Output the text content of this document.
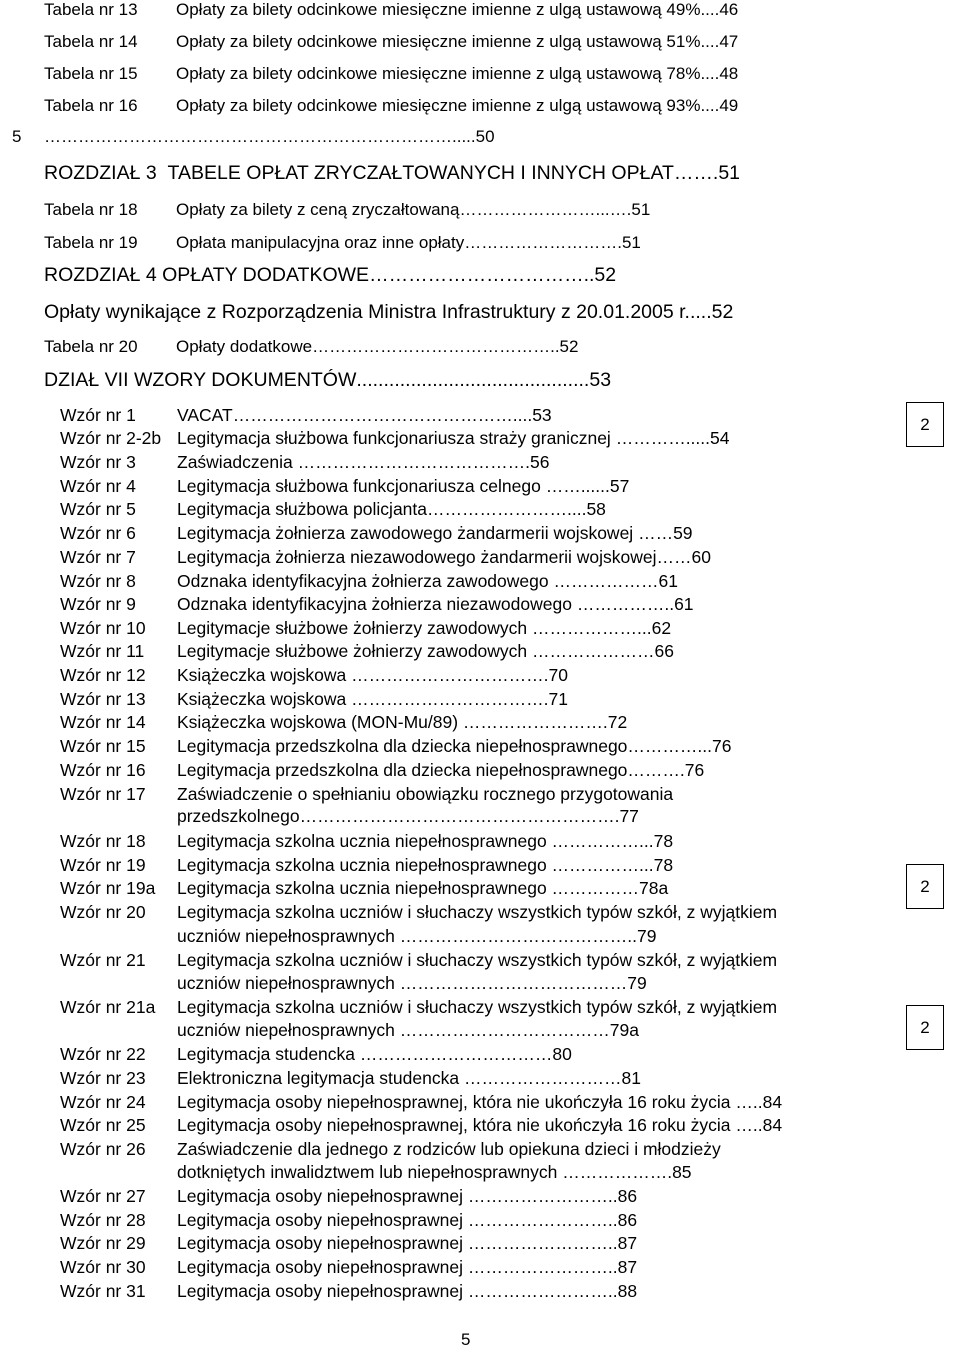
5
2
2
2
Tabela nr 13 Opłaty za bilety odcinkowe miesięczne imienne z ulgą ustawową 49%....46
Tabela nr 14 Opłaty za bilety odcinkowe miesięczne imienne z ulgą ustawową 51%....47
Tabela nr 15 Opłaty za bilety odcinkowe miesięczne imienne z ulgą ustawową 78%....48
Tabela nr 16 Opłaty za bilety odcinkowe miesięczne imienne z ulgą ustawową 93%....49
……………………………………………………………….....50
ROZDZIAŁ 3 TABELE OPŁAT ZRYCZAŁTOWANYCH I INNYCH OPŁAT…….51
Tabela nr 18 Opłaty za bilety z ceną zryczałtowaną……………………...….51
Tabela nr 19 Opłata manipulacyjna oraz inne opłaty……………………….51
ROZDZIAŁ 4 OPŁATY DODATKOWE……………………………..52
Opłaty wynikające z Rozporządzenia Ministra Infrastruktury z 20.01.2005 r.....52
Tabela nr 20 Opłaty dodatkowe……………………………………..52
DZIAŁ VII WZORY DOKUMENTÓW...........................................53
Wzór nr 1 VACAT…………………………………………....53
Wzór nr 2-2b Legitymacja służbowa funkcjonariusza straży granicznej ………….....54
Wzór nr 3 Zaświadczenia ………………………………….56
Wzór nr 4 Legitymacja służbowa funkcjonariusza celnego ……......57
Wzór nr 5 Legitymacja służbowa policjanta……………………....58
Wzór nr 6 Legitymacja żołnierza zawodowego żandarmerii wojskowej ……59
Wzór nr 7 Legitymacja żołnierza niezawodowego żandarmerii wojskowej……60
Wzór nr 8 Odznaka identyfikacyjna żołnierza zawodowego ………………61
Wzór nr 9 Odznaka identyfikacyjna żołnierza niezawodowego ……………..61
Wzór nr 10 Legitymacje służbowe żołnierzy zawodowych ………………...62
Wzór nr 11 Legitymacje służbowe żołnierzy zawodowych …………………66
Wzór nr 12 Książeczka wojskowa …………………………….70
Wzór nr 13 Książeczka wojskowa …………………………….71
Wzór nr 14 Książeczka wojskowa (MON-Mu/89) …………………….72
Wzór nr 15 Legitymacja przedszkolna dla dziecka niepełnosprawnego…………...76
Wzór nr 16 Legitymacja przedszkolna dla dziecka niepełnosprawnego……….76
Wzór nr 17 Zaświadczenie o spełnianiu obowiązku rocznego przygotowania
przedszkolnego……………………………………………….77
Wzór nr 18 Legitymacja szkolna ucznia niepełnosprawnego ……………...78
Wzór nr 19 Legitymacja szkolna ucznia niepełnosprawnego ……………...78
Wzór nr 19a Legitymacja szkolna ucznia niepełnosprawnego ……………78a
Wzór nr 20 Legitymacja szkolna uczniów i słuchaczy wszystkich typów szkół, z wyjątkiem
uczniów niepełnosprawnych …………………………………..79
Wzór nr 21 Legitymacja szkolna uczniów i słuchaczy wszystkich typów szkół, z wyjątkiem
uczniów niepełnosprawnych …………………………………79
Wzór nr 21a Legitymacja szkolna uczniów i słuchaczy wszystkich typów szkół, z wyjątkiem
uczniów niepełnosprawnych ………………………………79a
Wzór nr 22 Legitymacja studencka ……………………………80
Wzór nr 23 Elektroniczna legitymacja studencka ………………………81
Wzór nr 24 Legitymacja osoby niepełnosprawnej, która nie ukończyła 16 roku życia …..84
Wzór nr 25 Legitymacja osoby niepełnosprawnej, która nie ukończyła 16 roku życia …..84
Wzór nr 26 Zaświadczenie dla jednego z rodziców lub opiekuna dzieci i młodzieży
dotkniętych inwalidztwem lub niepełnosprawnych ……………….85
Wzór nr 27 Legitymacja osoby niepełnosprawnej ……………………..86
Wzór nr 28 Legitymacja osoby niepełnosprawnej ……………………..86
Wzór nr 29 Legitymacja osoby niepełnosprawnej ……………………..87
Wzór nr 30 Legitymacja osoby niepełnosprawnej ……………………..87
Wzór nr 31 Legitymacja osoby niepełnosprawnej ……………………..88
5
